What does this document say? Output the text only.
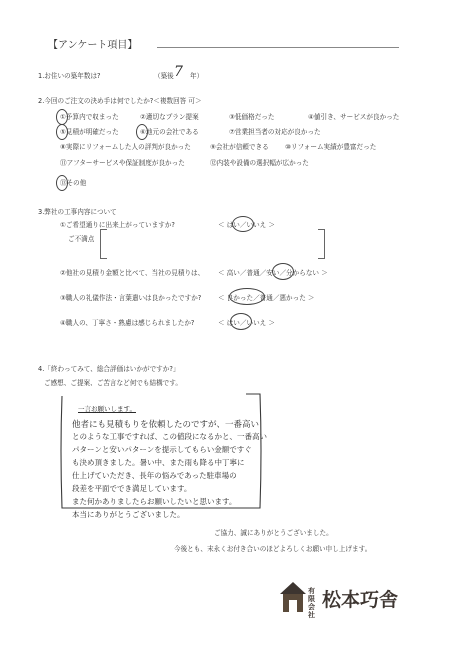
【アンケート項目】
1.お住いの築年数は?	（築後 7 年）
2.今回のご注文の決め手は何でしたか?＜複数回答 可＞
①予算内で収まった	②適切なプラン提案	③低価格だった	④値引き、サービスが良かった
⑤見積が明確だった	⑥地元の会社である	⑦営業担当者の対応が良かった
⑧実際にリフォームした人の評判が良かった	⑨会社が信頼できる ⑩リフォーム実績が豊富だった
⑪アフターサービスや保証制度が良かった	⑫内装や設備の選択幅が広かった
⑬その他
3.弊社の工事内容について
①ご希望通りに出来上がっていますか?	＜ はい／いいえ ＞
ご不満点
②他社の見積り金額と比べて、当社の見積りは、 ＜ 高い／普通／安い／分からない ＞
③職人の礼儀作法・言葉遣いは良かったですか?	＜ 良かった／普通／悪かった ＞
④職人の、丁寧さ・熟慮は感じられましたか?	＜ はい／いいえ ＞
4.「終わってみて、総合評価はいかがですか?」
ご感想、ご提案、ご苦言など何でも結構です。
一言お願いします。
他者にも見積もりを依頼したのですが、一番高い
とのような工事ですれば、この値段になるかと、一番高い
パターンと安いパターンを提示してもらい金額ですぐ
も決め頂きました。暑い中、また雨も降る中丁寧に
仕上げていただき、長年の悩みであった駐車場の
段差を平面ででき満足しています。
また何かありましたらお願いしたいと思います。
本当にありがとうございました。
ご協力、誠にありがとうございました。
今後とも、末永くお付き合いのほどよろしくお願い申し上げます。
有限会社
松本巧舎
